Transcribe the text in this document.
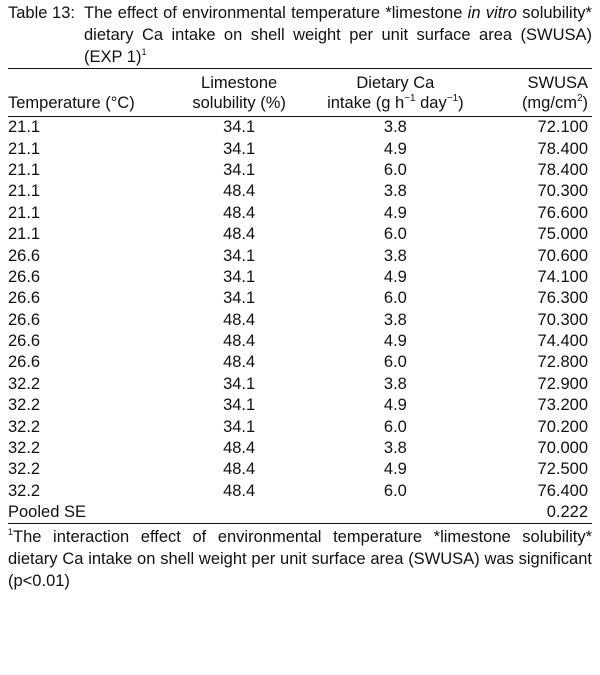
Table 13: The effect of environmental temperature *limestone in vitro solubility* dietary Ca intake on shell weight per unit surface area (SWUSA) (EXP 1)$^1$
	Limestone	Dietary Ca	SWUSA
Temperature (°C)	solubility (%)	intake (g $h^{-1}$ day$^{-1}$)	$(mg/cm^2)$
21.1	34.1	3.8	72.100
21.1	34.1	4.9	78.400
21.1	34.1	6.0	78.400
21.1	48.4	3.8	70.300
21.1	48.4	4.9	76.600
21.1	48.4	6.0	75.000
26.6	34.1	3.8	70.600
26.6	34.1	4.9	74.100
26.6	34.1	6.0	76.300
26.6	48.4	3.8	70.300
26.6	48.4	4.9	74.400
26.6	48.4	6.0	72.800
32.2	34.1	3.8	72.900
32.2	34.1	4.9	73.200
32.2	34.1	6.0	70.200
32.2	48.4	3.8	70.000
32.2	48.4	4.9	72.500
32.2	48.4	6.0	76.400
Pooled SE			0.222
$^1$The interaction effect of environmental temperature *limestone solubility* dietary Ca intake on shell weight per unit surface area (SWUSA) was significant (p<0.01)
